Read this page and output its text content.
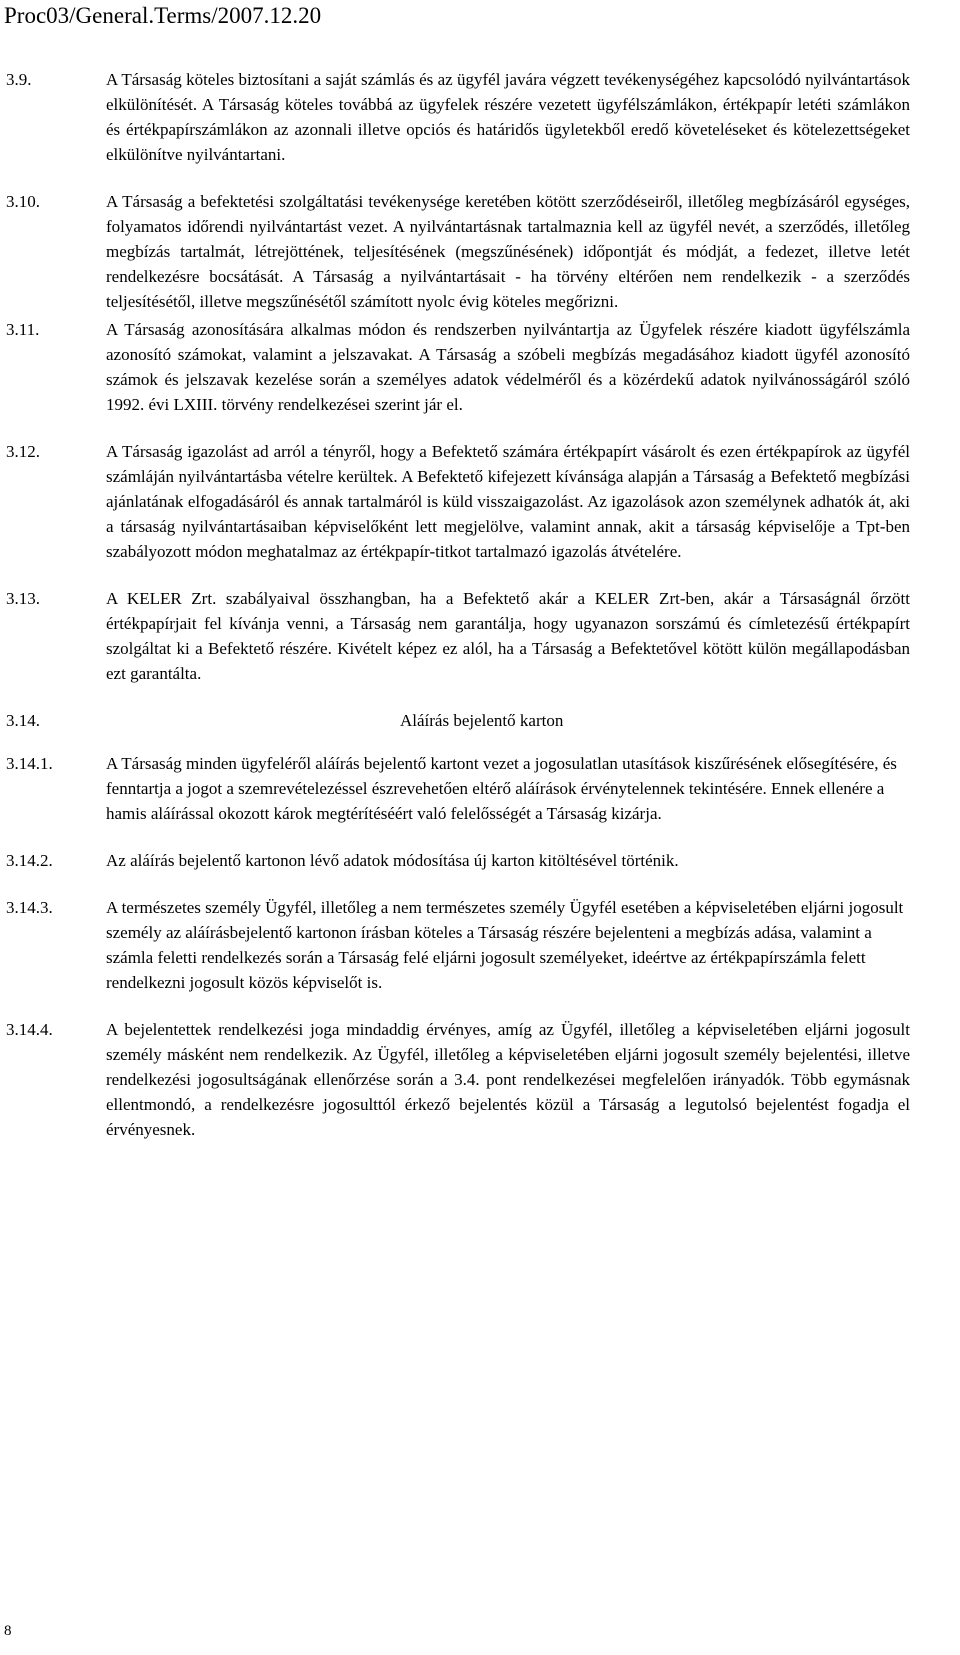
Proc03/General.Terms/2007.12.20
3.9.	A Társaság köteles biztosítani a saját számlás és az ügyfél javára végzett tevékenységéhez kapcsolódó nyilvántartások elkülönítését. A Társaság köteles továbbá az ügyfelek részére vezetett ügyfélszámlákon, értékpapír letéti számlákon és értékpapírszámlákon az azonnali illetve opciós és határidős ügyletekből eredő követeléseket és kötelezettségeket elkülönítve nyilvántartani.
3.10.	A Társaság a befektetési szolgáltatási tevékenysége keretében kötött szerződéseiről, illetőleg megbízásáról egységes, folyamatos időrendi nyilvántartást vezet. A nyilvántartásnak tartalmaznia kell az ügyfél nevét, a szerződés, illetőleg megbízás tartalmát, létrejöttének, teljesítésének (megszűnésének) időpontját és módját, a fedezet, illetve letét rendelkezésre bocsátását. A Társaság a nyilvántartásait - ha törvény eltérően nem rendelkezik - a szerződés teljesítésétől, illetve megszűnésétől számított nyolc évig köteles megőrizni.
3.11.	A Társaság azonosítására alkalmas módon és rendszerben nyilvántartja az Ügyfelek részére kiadott ügyfélszámla azonosító számokat, valamint a jelszavakat. A Társaság a szóbeli megbízás megadásához kiadott ügyfél azonosító számok és jelszavak kezelése során a személyes adatok védelméről és a közérdekű adatok nyilvánosságáról szóló 1992. évi LXIII. törvény rendelkezései szerint jár el.
3.12.	A Társaság igazolást ad arról a tényről, hogy a Befektető számára értékpapírt vásárolt és ezen értékpapírok az ügyfél számláján nyilvántartásba vételre kerültek. A Befektető kifejezett kívánsága alapján a Társaság a Befektető megbízási ajánlatának elfogadásáról és annak tartalmáról is küld visszaigazolást. Az igazolások azon személynek adhatók át, aki a társaság nyilvántartásaiban képviselőként lett megjelölve, valamint annak, akit a társaság képviselője a Tpt-ben szabályozott módon meghatalmaz az értékpapír-titkot tartalmazó igazolás átvételére.
3.13.	A KELER Zrt. szabályaival összhangban, ha a Befektető akár a KELER Zrt-ben, akár a Társaságnál őrzött értékpapírjait fel kívánja venni, a Társaság nem garantálja, hogy ugyanazon sorszámú és címletezésű értékpapírt szolgáltat ki a Befektető részére. Kivételt képez ez alól, ha a Társaság a Befektetővel kötött külön megállapodásban ezt garantálta.
3.14.	Aláírás bejelentő karton
3.14.1.	A Társaság minden ügyfeléről aláírás bejelentő kartont vezet a jogosulatlan utasítások kiszűrésének elősegítésére, és fenntartja a jogot a szemrevételezéssel észrevehetően eltérő aláírások érvénytelennek tekintésére. Ennek ellenére a hamis aláírással okozott károk megtérítéséért való felelősségét a Társaság kizárja.
3.14.2.	Az aláírás bejelentő kartonon lévő adatok módosítása új karton kitöltésével történik.
3.14.3.	A természetes személy Ügyfél, illetőleg a nem természetes személy Ügyfél esetében a képviseletében eljárni jogosult személy az aláírásbejelentő kartonon írásban köteles a Társaság részére bejelenteni a megbízás adása, valamint a számla feletti rendelkezés során a Társaság felé eljárni jogosult személyeket, ideértve az értékpapírszámla felett rendelkezni jogosult közös képviselőt is.
3.14.4.	A bejelentettek rendelkezési joga mindaddig érvényes, amíg az Ügyfél, illetőleg a képviseletében eljárni jogosult személy másként nem rendelkezik. Az Ügyfél, illetőleg a képviseletében eljárni jogosult személy bejelentési, illetve rendelkezési jogosultságának ellenőrzése során a 3.4. pont rendelkezései megfelelően irányadók. Több egymásnak ellentmondó, a rendelkezésre jogosulttól érkező bejelentés közül a Társaság a legutolsó bejelentést fogadja el érvényesnek.
8
